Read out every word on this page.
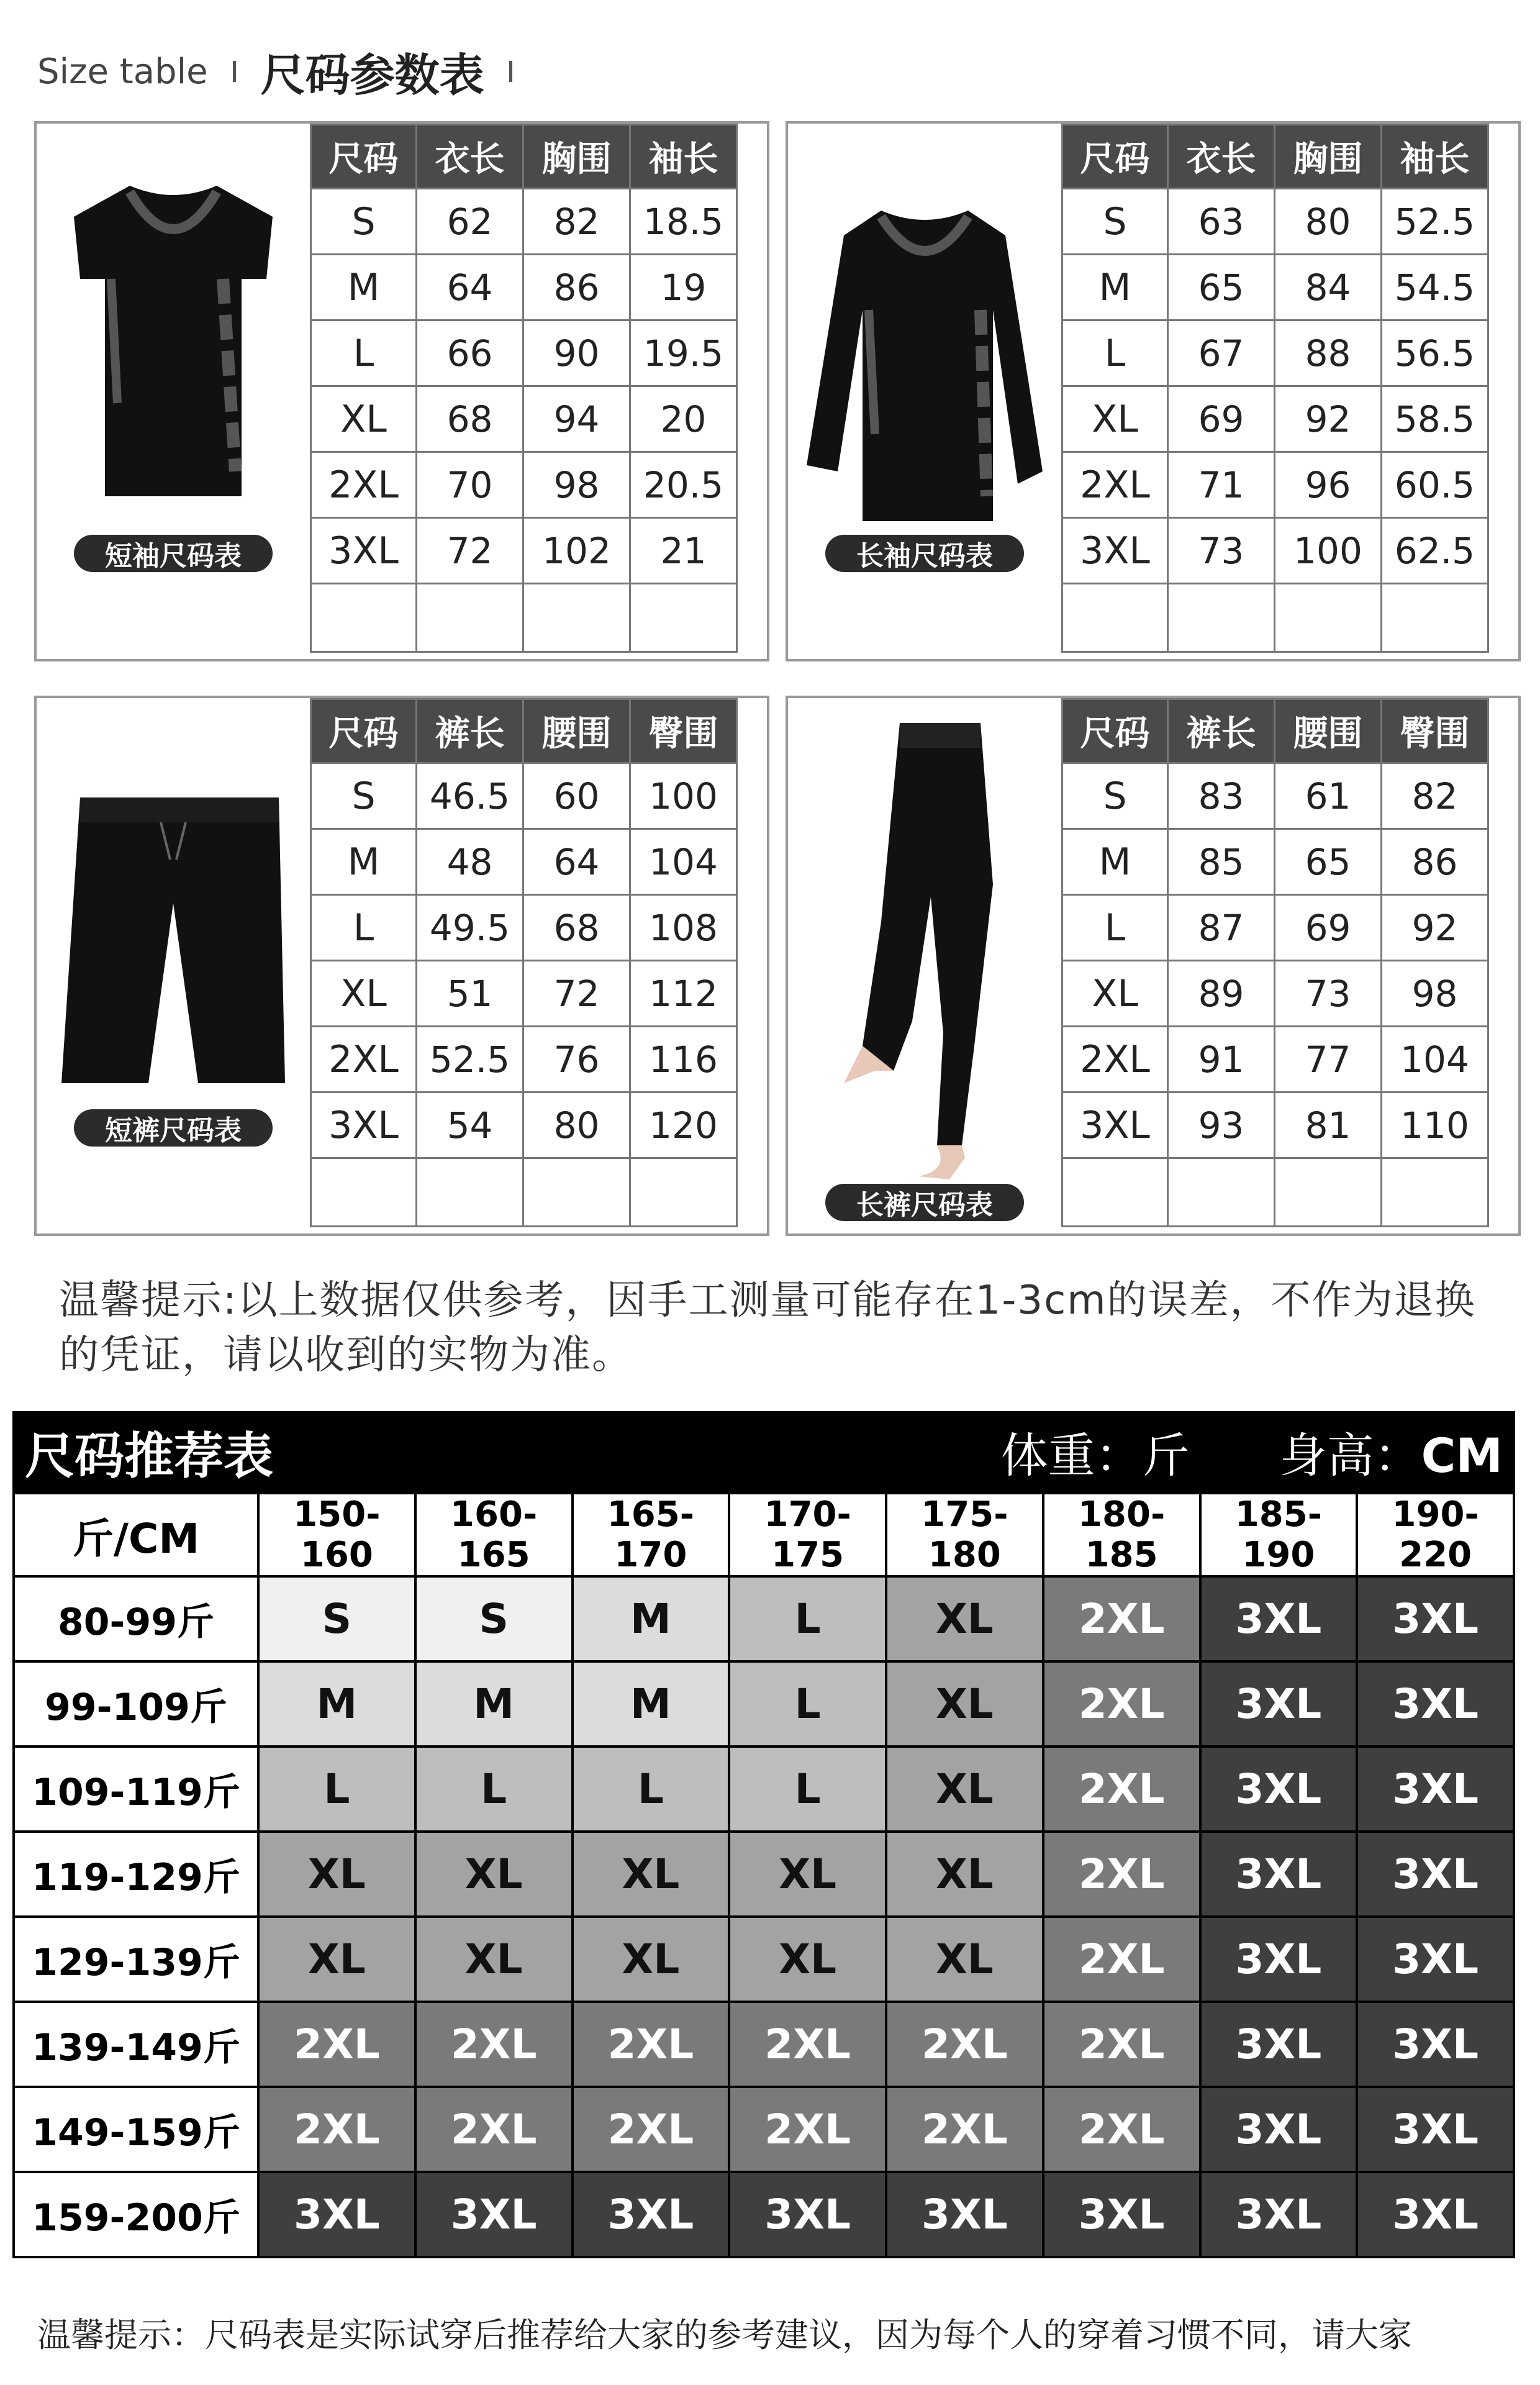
Size table 尺码参数表
短袖尺码表
尺码	衣长	胸围	袖长
S	62	82	18.5
M	64	86	19
L	66	90	19.5
XL	68	94	20
2XL	70	98	20.5
3XL	72	102	21
				长袖尺码表
尺码	衣长	胸围	袖长
S	63	80	52.5
M	65	84	54.5
L	67	88	56.5
XL	69	92	58.5
2XL	71	96	60.5
3XL	73	100	62.5

短裤尺码表
尺码	裤长	腰围	臀围
S	46.5	60	100
M	48	64	104
L	49.5	68	108
XL	51	72	112
2XL	52.5	76	116
3XL	54	80	120

长裤尺码表
尺码	裤长	腰围	臀围
S	83	61	82
M	85	65	86
L	87	69	92
XL	89	73	98
2XL	91	77	104
3XL	93	81	110

温馨提示:以上数据仅供参考，因手工测量可能存在1-3cm的误差，不作为退换的凭证，请以收到的实物为准。
尺码推荐表	体重：斤 身高：CM
斤/CM	150-160	160-165	165-170	170-175	175-180	180-185	185-190	190-220
80-99斤	S	S	M	L	XL	2XL	3XL	3XL
99-109斤	M	M	M	L	XL	2XL	3XL	3XL
109-119斤	L	L	L	L	XL	2XL	3XL	3XL
119-129斤	XL	XL	XL	XL	XL	2XL	3XL	3XL
129-139斤	XL	XL	XL	XL	XL	2XL	3XL	3XL
139-149斤	2XL	2XL	2XL	2XL	2XL	2XL	3XL	3XL
149-159斤	2XL	2XL	2XL	2XL	2XL	2XL	3XL	3XL
159-200斤	3XL	3XL	3XL	3XL	3XL	3XL	3XL	3XL
温馨提示：尺码表是实际试穿后推荐给大家的参考建议，因为每个人的穿着习惯不同，请大家
